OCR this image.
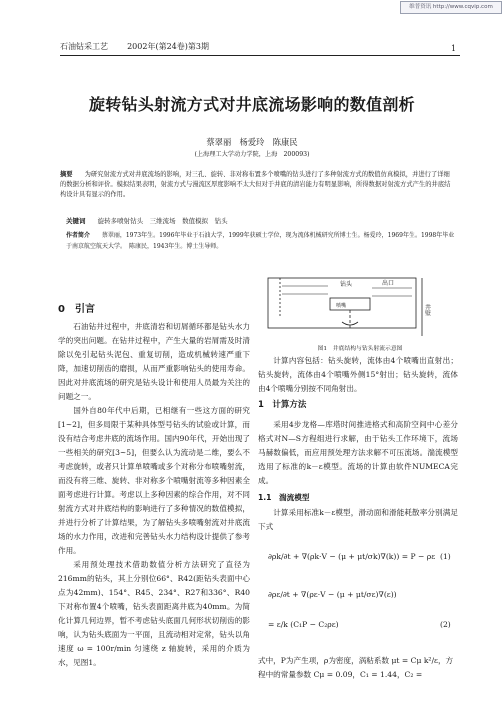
维普资讯 http://www.cqvip.com
石油钻采工艺 2002年(第24卷)第3期	1
旋转钻头射流方式对井底流场影响的数值剖析
蔡翠丽　杨爱玲　陈康民
(上海理工大学动力学院，上海　200093)
摘要 为研究射流方式对井底流场的影响，对三孔、旋转、非对称布置多个喷嘴的钻头进行了多种射流方式的数值仿真模拟，并进行了详细的数据分析和评价。模拟结果表明，射流方式与漫流区厚度影响不太大但对于井底的清岩能力有明显影响，所得数据对射流方式产生的井底结构设计具有显示的作用。
关键词 旋转多喷射钻头　三维流场　数值模拟　钻头
作者简介 蔡翠丽，1973年生。1996年毕业于石油大学，1999年获硕士学位，现为流体机械研究所博士生。杨爱玲，1969年生。1998年毕业于南京航空航天大学。　陈康民，1943年生。博士生导师。
0　引言

石油钻井过程中，井底清岩和切屑循环都是钻头水力学的突出问题。在钻井过程中，产生大量的岩屑需及时清除以免引起钻头泥包、重复切削，造成机械转速严重下降，加速切削齿的磨损，从而严重影响钻头的使用寿命。因此对井底流场的研究是钻头设计和使用人员最为关注的问题之一。

国外自80年代中后期，已相继有一些这方面的研究[1~2]，但多局限于某种具体型号钻头的试验或计算，而没有结合考虑井底的流场作用。国内90年代，开始出现了一些相关的研究[3~5]，但要么认为流动是二维，要么不考虑旋转，或者只计算单喷嘴或多个对称分布喷嘴射流，而没有将三维、旋转、非对称多个喷嘴射流等多种因素全面考虑进行计算。考虑以上多种因素的综合作用，对不同射流方式对井底结构的影响进行了多种情况的数值模拟，并进行分析了计算结果，为了解钻头多喷嘴射流对井底流场的水力作用，改进和完善钻头水力结构设计提供了参考作用。

采用预处理技术借助数值分析方法研究了直径为216mm的钻头，其上分别位66°、R42(距钻头表面中心点为42mm)、154°、R45、234°、R27和336°、R40下对称布置4个喷嘴，钻头表面距离井底为40mm。为简化计算几何边界，暂不考虑钻头底面几何形状切削齿的影响，认为钻头底面为一平面，且流动相对定常，钻头以角速度 ω = 100r/min 匀速绕 z 轴旋转，采用的介质为水，见图1。

钻头	出口
井壁
喷嘴
图1　井底结构与钻头射流示意图

计算内容包括：钻头旋转，流体由4个喷嘴出直射出；钻头旋转，流体由4个喷嘴外侧15°射出；钻头旋转，流体由4个喷嘴分别按不同角射出。

1　计算方法

采用4步龙格—库塔时间推进格式和高阶空间中心差分格式对N—S方程组进行求解，由于钻头工作环境下，流场马赫数偏低，而应用预处理方法求解不可压流场。湍流模型选用了标准的k－ε模型。流场的计算由软件NUMECA完成。

1.1　湍流模型

计算采用标准k－ε模型，滑动面和滑能耗散率分别满足下式

∂ρk/∂t + ∇(ρk·V − (μ + μt/σk)∇(k)) = P − ρε (1)
∂ρε/∂t + ∇(ρε·V − (μ + μt/σε)∇(ε))
= ε/k (C₁P − C₂ρε)	(2)
式中，P为产生项，ρ为密度，涡粘系数 μt = Cμ k²/ε，方程中的常量参数 Cμ = 0.09，C₁ = 1.44，C₂ =
